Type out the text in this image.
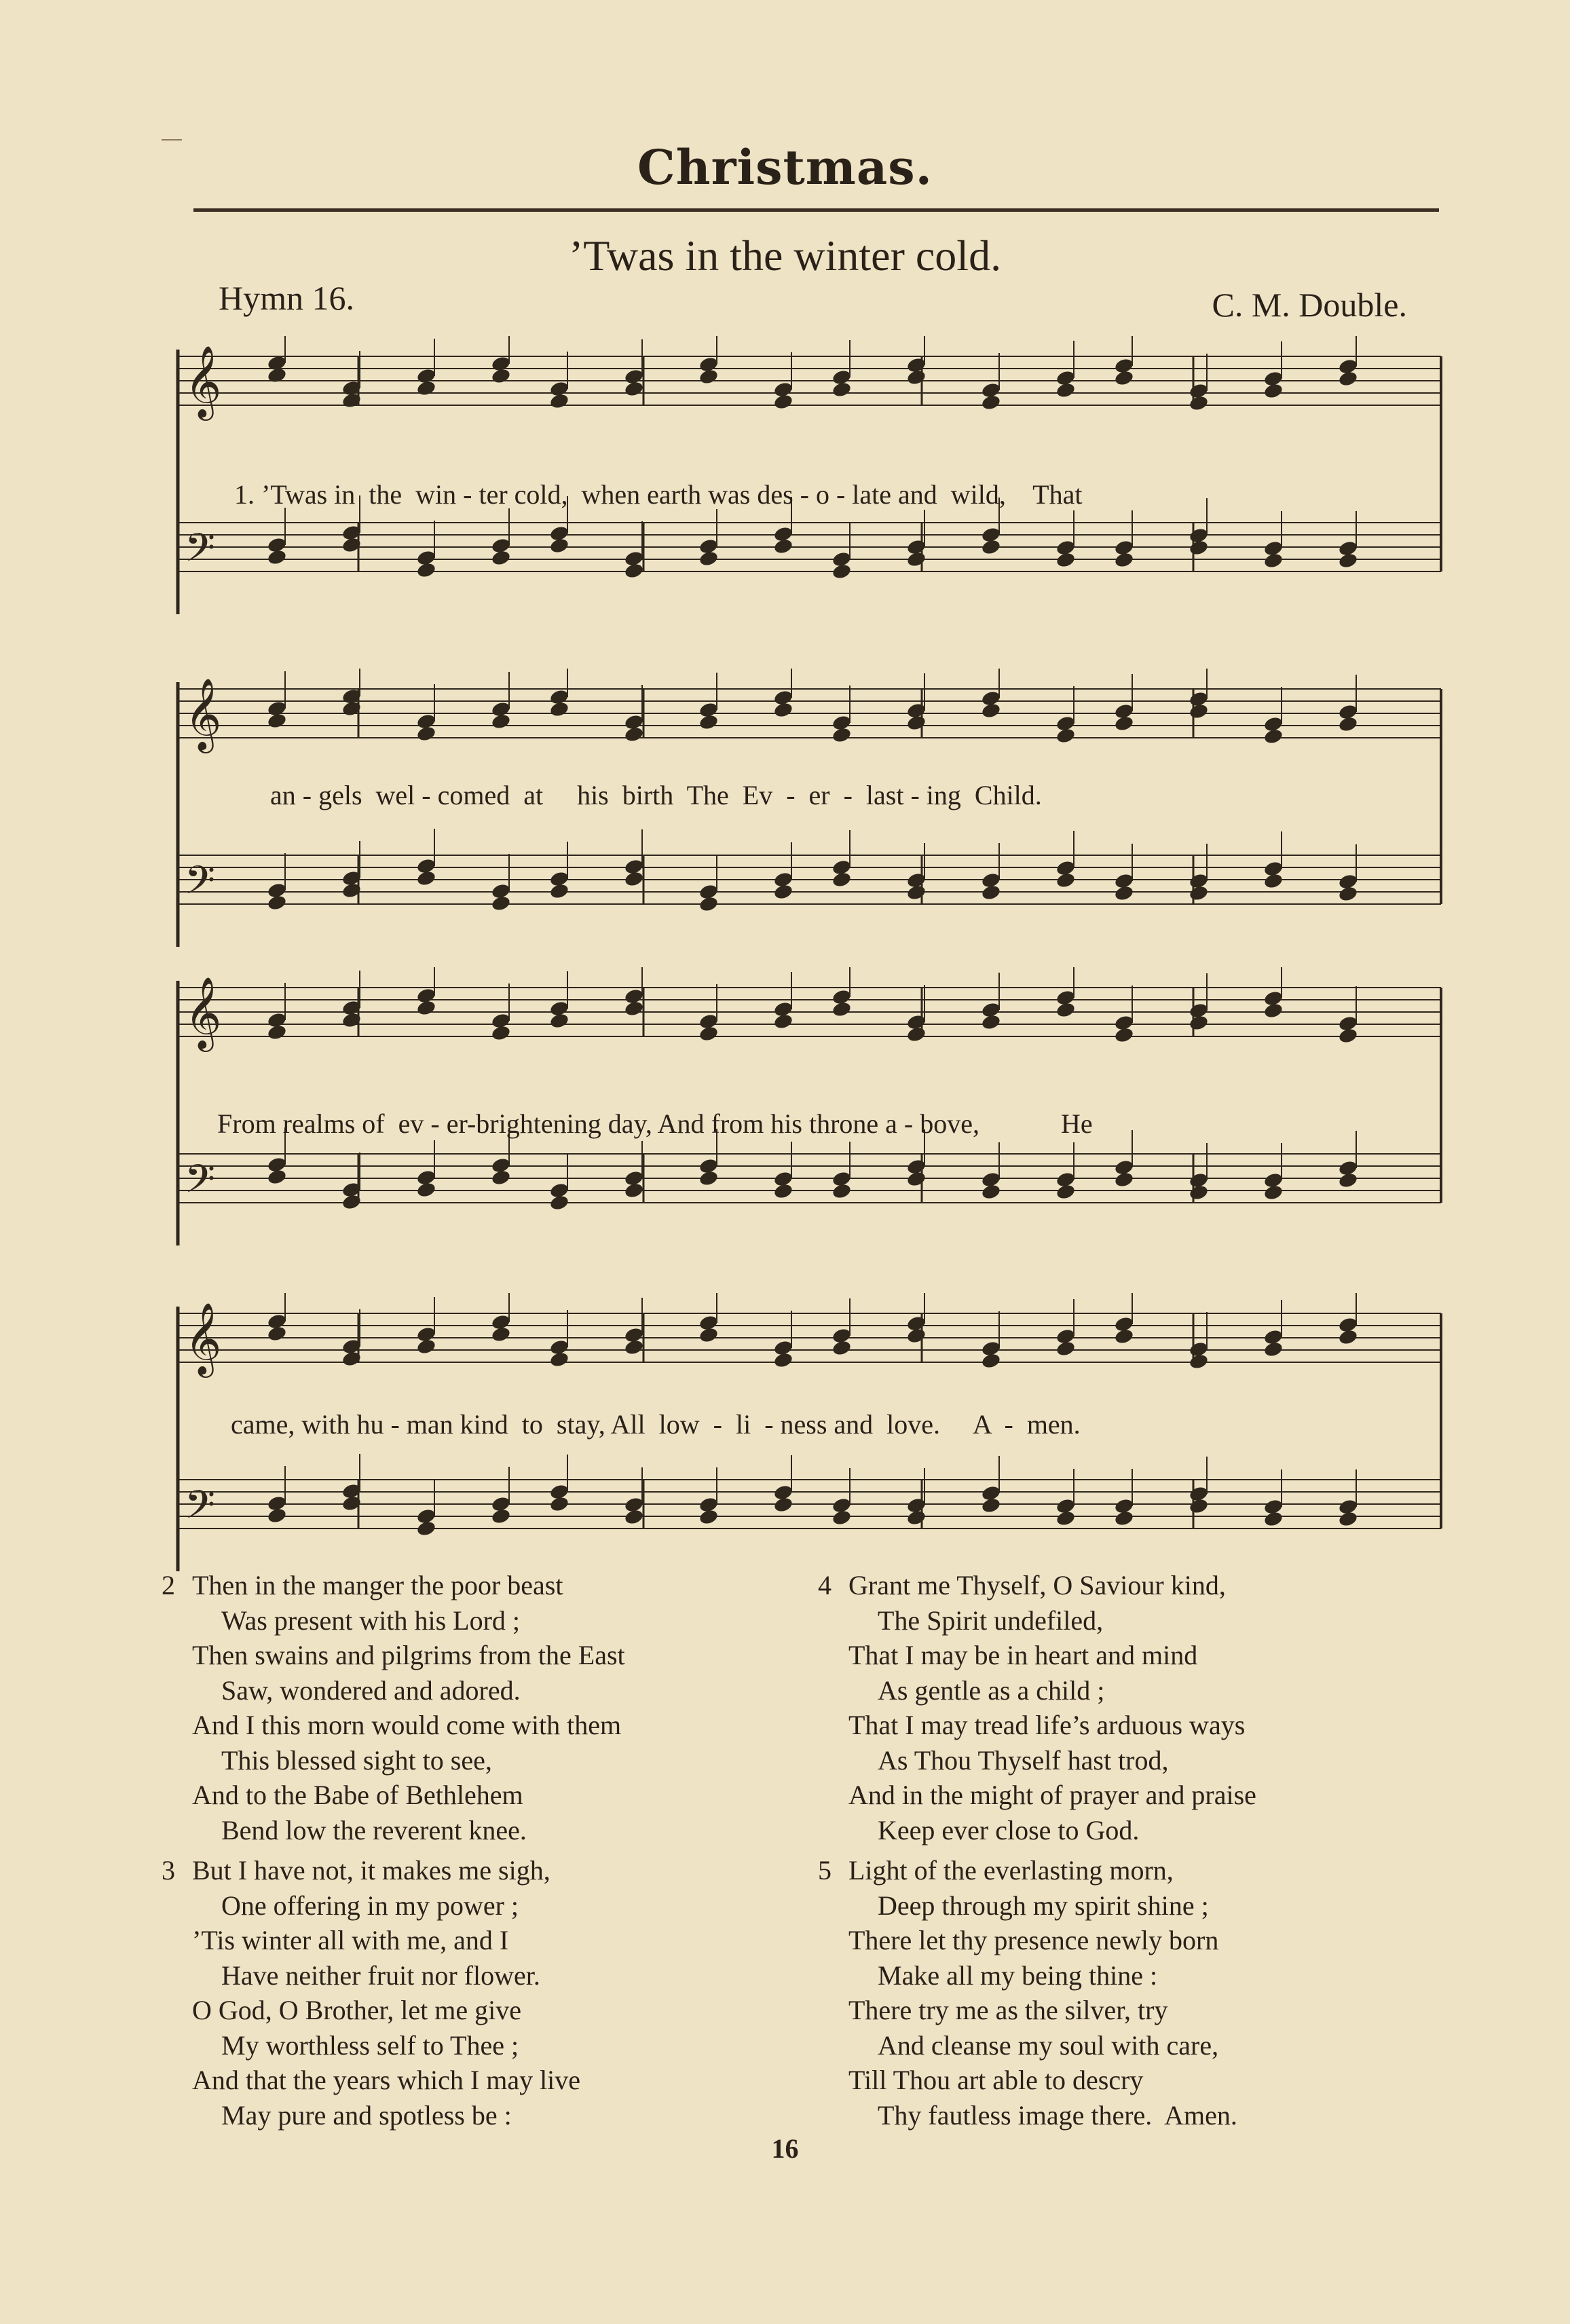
Christmas.
’Twas in the winter cold.
Hymn 16.	C. M. Double.
𝄞
𝄢
𝄞
𝄢
𝄞
𝄢
𝄞
𝄢
1. ’Twas in  the  win - ter cold,  when earth was des - o - late and  wild,    That
an - gels  wel - comed  at     his  birth  The  Ev  -  er  -  last - ing  Child.
From realms of  ev - er-brightening day, And from his throne a - bove,            He
came, with hu - man kind  to  stay, All  low  -  li  - ness and  love.     A  -  men.
2 Then in the manger the poor beast
Was present with his Lord ;
Then swains and pilgrims from the East
Saw, wondered and adored.
And I this morn would come with them
This blessed sight to see,
And to the Babe of Bethlehem
Bend low the reverent knee.
3 But I have not, it makes me sigh,
One offering in my power ;
’Tis winter all with me, and I
Have neither fruit nor flower.
O God, O Brother, let me give
My worthless self to Thee ;
And that the years which I may live
May pure and spotless be :
4 Grant me Thyself, O Saviour kind,
The Spirit undefiled,
That I may be in heart and mind
As gentle as a child ;
That I may tread life’s arduous ways
As Thou Thyself hast trod,
And in the might of prayer and praise
Keep ever close to God.
5 Light of the everlasting morn,
Deep through my spirit shine ;
There let thy presence newly born
Make all my being thine :
There try me as the silver, try
And cleanse my soul with care,
Till Thou art able to descry
Thy fautless image there.  Amen.
16
